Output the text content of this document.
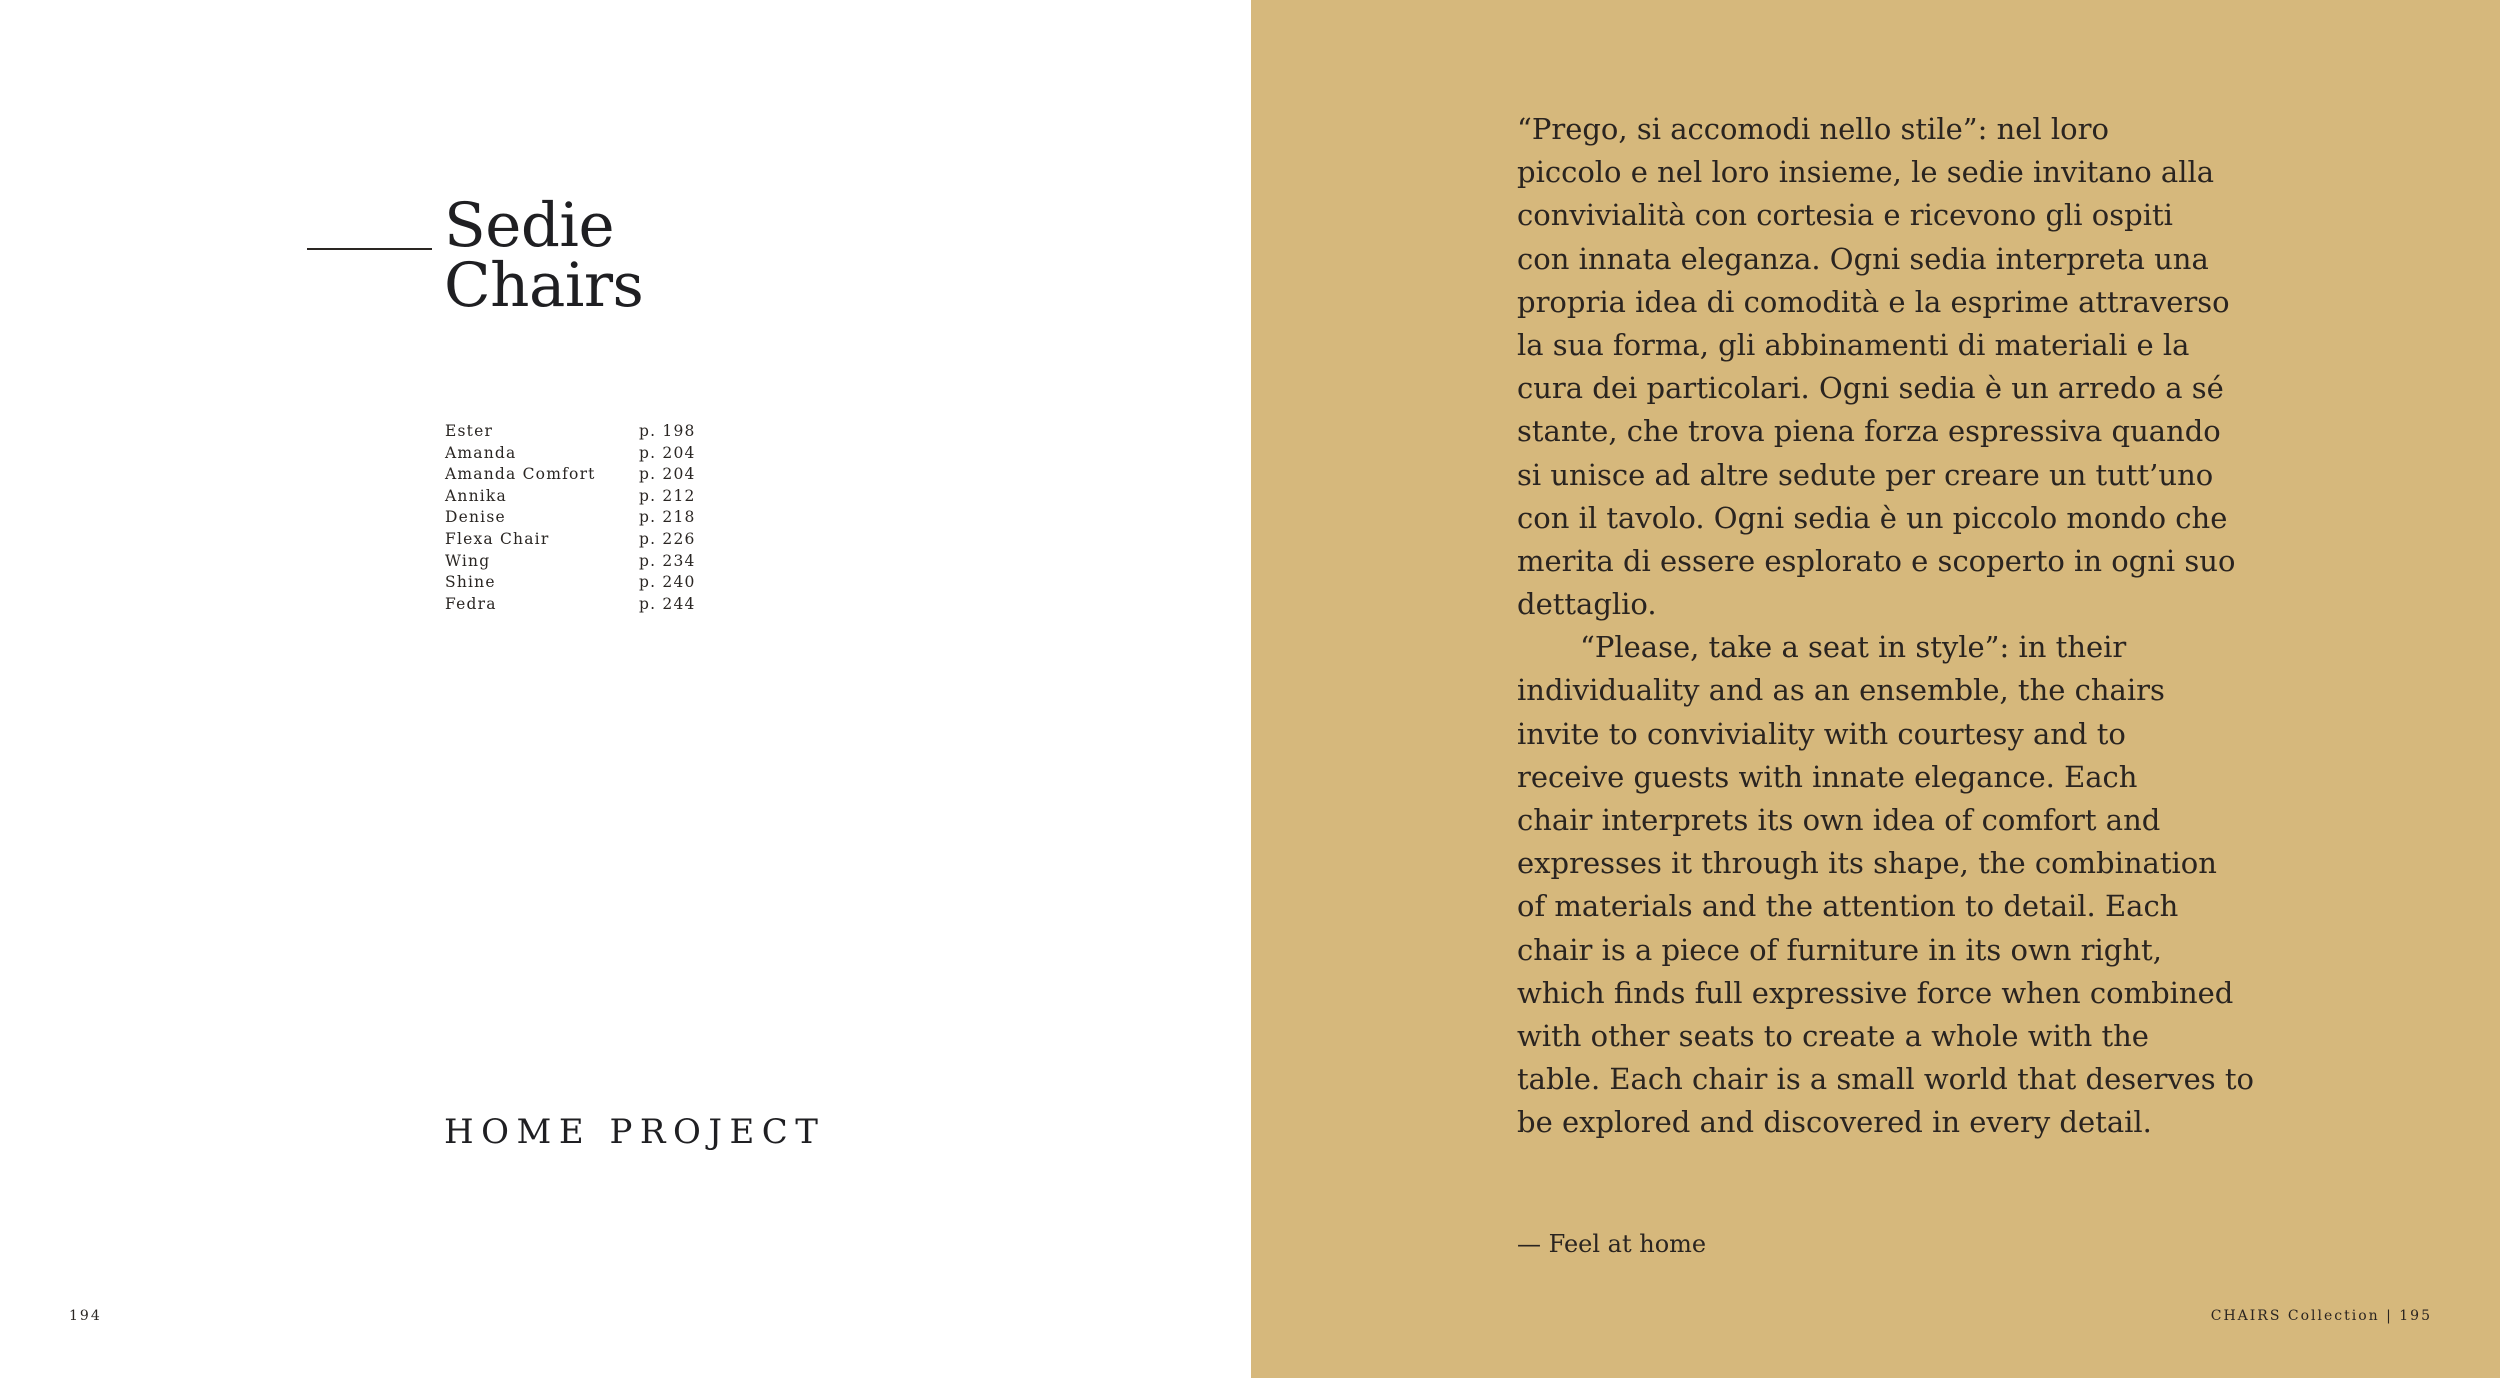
Sedie
Chairs
Ester	p. 198
Amanda	p. 204
Amanda Comfort	p. 204
Annika	p. 212
Denise	p. 218
Flexa Chair	p. 226
Wing	p. 234
Shine	p. 240
Fedra	p. 244
HOME PROJECT
194

“Prego, si accomodi nello stile”: nel loro
piccolo e nel loro insieme, le sedie invitano alla
convivialità con cortesia e ricevono gli ospiti
con innata eleganza. Ogni sedia interpreta una
propria idea di comodità e la esprime attraverso
la sua forma, gli abbinamenti di materiali e la
cura dei particolari. Ogni sedia è un arredo a sé
stante, che trova piena forza espressiva quando
si unisce ad altre sedute per creare un tutt’uno
con il tavolo. Ogni sedia è un piccolo mondo che
merita di essere esplorato e scoperto in ogni suo
dettaglio.
“Please, take a seat in style”: in their
individuality and as an ensemble, the chairs
invite to conviviality with courtesy and to
receive guests with innate elegance. Each
chair interprets its own idea of comfort and
expresses it through its shape, the combination
of materials and the attention to detail. Each
chair is a piece of furniture in its own right,
which finds full expressive force when combined
with other seats to create a whole with the
table. Each chair is a small world that deserves to
be explored and discovered in every detail.

— Feel at home
CHAIRS Collection | 195
